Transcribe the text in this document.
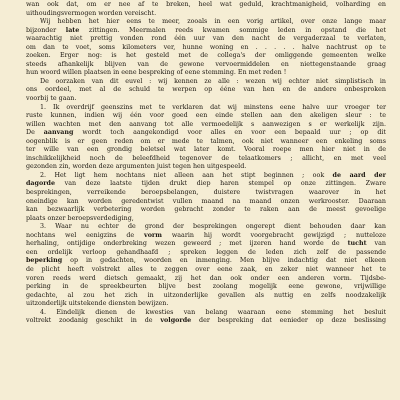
wan ook dat, om er nee af te breken, heel wat geduld, krachtmanigheid, volharding en
uithoudingsvermogen worden vereischt.
Wij hebben het hier eens te meer, zooals in een vorig artikel, over onze lange maar
bijzonder late zittingen. Meermalen reeds kwamen sommige leden in opstand die het
waarachtig niet prettig vonden rond één uur van den nacht de vergaderzaal te verlaten,
om dan te voet, soms kilometers ver, hunne woning en . . . . . halve nachtrust op te
zoeken. Erger nog: is het gesteld met de collega's der omliggende gemeenten welke
steeds afhankelijk blijven van de gewone vervoermiddelen en niettegenstaande graag
hun woord willen plaatsen in eene bespreking of eene stemming. En met reden !
De oorzaken van dit euvel : wij kennen ze alle : wezen wij echter niet simplistisch in
ons oordeel, met al de schuld te werpen op ééne van hen en de andere onbesproken
voorbij te gaan.
1. Ik overdrijf geenszins met te verklaren dat wij minstens eene halve uur vroeger ter
ruste kunnen, indien wij één voor goed een einde stellen aan den akeligen sleur : te
willen wachten met den aanvang tot alle vermoedelijk s aanwezigen s er werkelijk zijn.
De aanvang wordt toch aangekondigd voor alles en voor een bepaald uur ; op dit
oogenblik is er geen reden om er mede te talmen, ook niet wanneer een enkeling soms
ter wille van een grondig beletsel wat later komt. Vooral roepe men hier niet in de
inschikkelijkheid noch de beleefdheid tegenover de telaatkomers ; allicht, en met veel
gezonden zin, worden deze argumenten juist tegen hen uitgespeeld.
2. Het ligt hem nochtans niet alleen aan het stipt beginnen ; ook de aard der
dagorde van deze laatste tijden drukt diep haren stempel op onze zittingen. Zware
besprekingen, verreikende beroepsbelangen, duistere twistvragen waarover in het
oneindige kan worden geredentwist vullen maand na maand onzen werkrooster. Daaraan
kan bezwaarlijk verbetering worden gebracht zonder te raken aan de meest gevoelige
plaats onzer beroepsverdediging,
3. Waar nu echter de grond der besprekingen ongerept dient behouden daar kan
nochtans wel eenigzins de vorm waarin hij wordt voorgebracht gewijzigd ; nutteloze
herhaling, ontijdige onderbreking wezen geweerd ; met ijzeren hand worde de tucht van
een ordelijk verloop gehandhaafd ; spreken leggen de leden zich zelf de passende
beperking op in gedachten, woorden en inmenging. Men blijve indachtig dat niet elkeen
de plicht heeft volstrekt alles te zeggen over eene zaak, en zeker niet wanneer het te
voren reeds werd dietsch gemaakt, zij het dan ook onder een anderen vorm. Tijdsbe-
perking in de spreekbeurten blijve best zoolang mogelijk eene gewone, vrijwillige
gedachte, al zou het zich in uitzonderlijke gevallen als nuttig en zelfs noodzakelijk
uitzonderlijk uitstekende diensten bewijzen.
4. Eindelijk dienen de kwesties van belang waaraan eene stemming het besluit
voltrekt zoodanig geschikt in de volgorde der bespreking dat eenieder op deze beslissing
